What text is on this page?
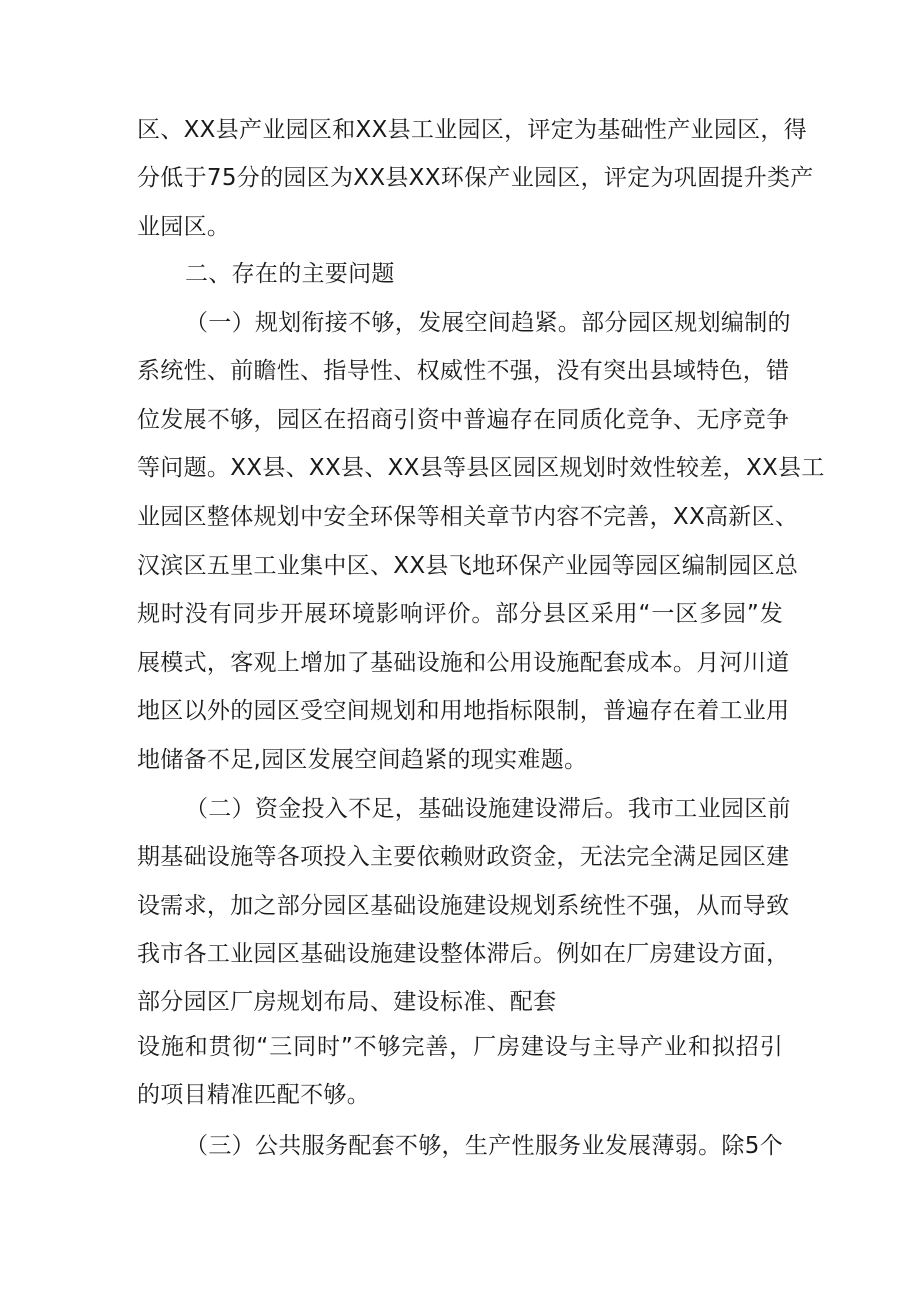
区、XX县产业园区和XX县工业园区，评定为基础性产业园区，得
分低于75分的园区为XX县XX环保产业园区，评定为巩固提升类产
业园区。
二、存在的主要问题
（一）规划衔接不够，发展空间趋紧。部分园区规划编制的
系统性、前瞻性、指导性、权威性不强，没有突出县域特色，错
位发展不够，园区在招商引资中普遍存在同质化竞争、无序竞争
等问题。XX县、XX县、XX县等县区园区规划时效性较差，XX县工
业园区整体规划中安全环保等相关章节内容不完善，XX高新区、
汉滨区五里工业集中区、XX县飞地环保产业园等园区编制园区总
规时没有同步开展环境影响评价。部分县区采用“一区多园”发
展模式，客观上增加了基础设施和公用设施配套成本。月河川道
地区以外的园区受空间规划和用地指标限制，普遍存在着工业用
地储备不足,园区发展空间趋紧的现实难题。
（二）资金投入不足，基础设施建设滞后。我市工业园区前
期基础设施等各项投入主要依赖财政资金，无法完全满足园区建
设需求，加之部分园区基础设施建设规划系统性不强，从而导致
我市各工业园区基础设施建设整体滞后。例如在厂房建设方面，
部分园区厂房规划布局、建设标准、配套
设施和贯彻“三同时”不够完善，厂房建设与主导产业和拟招引
的项目精准匹配不够。
（三）公共服务配套不够，生产性服务业发展薄弱。除5个
